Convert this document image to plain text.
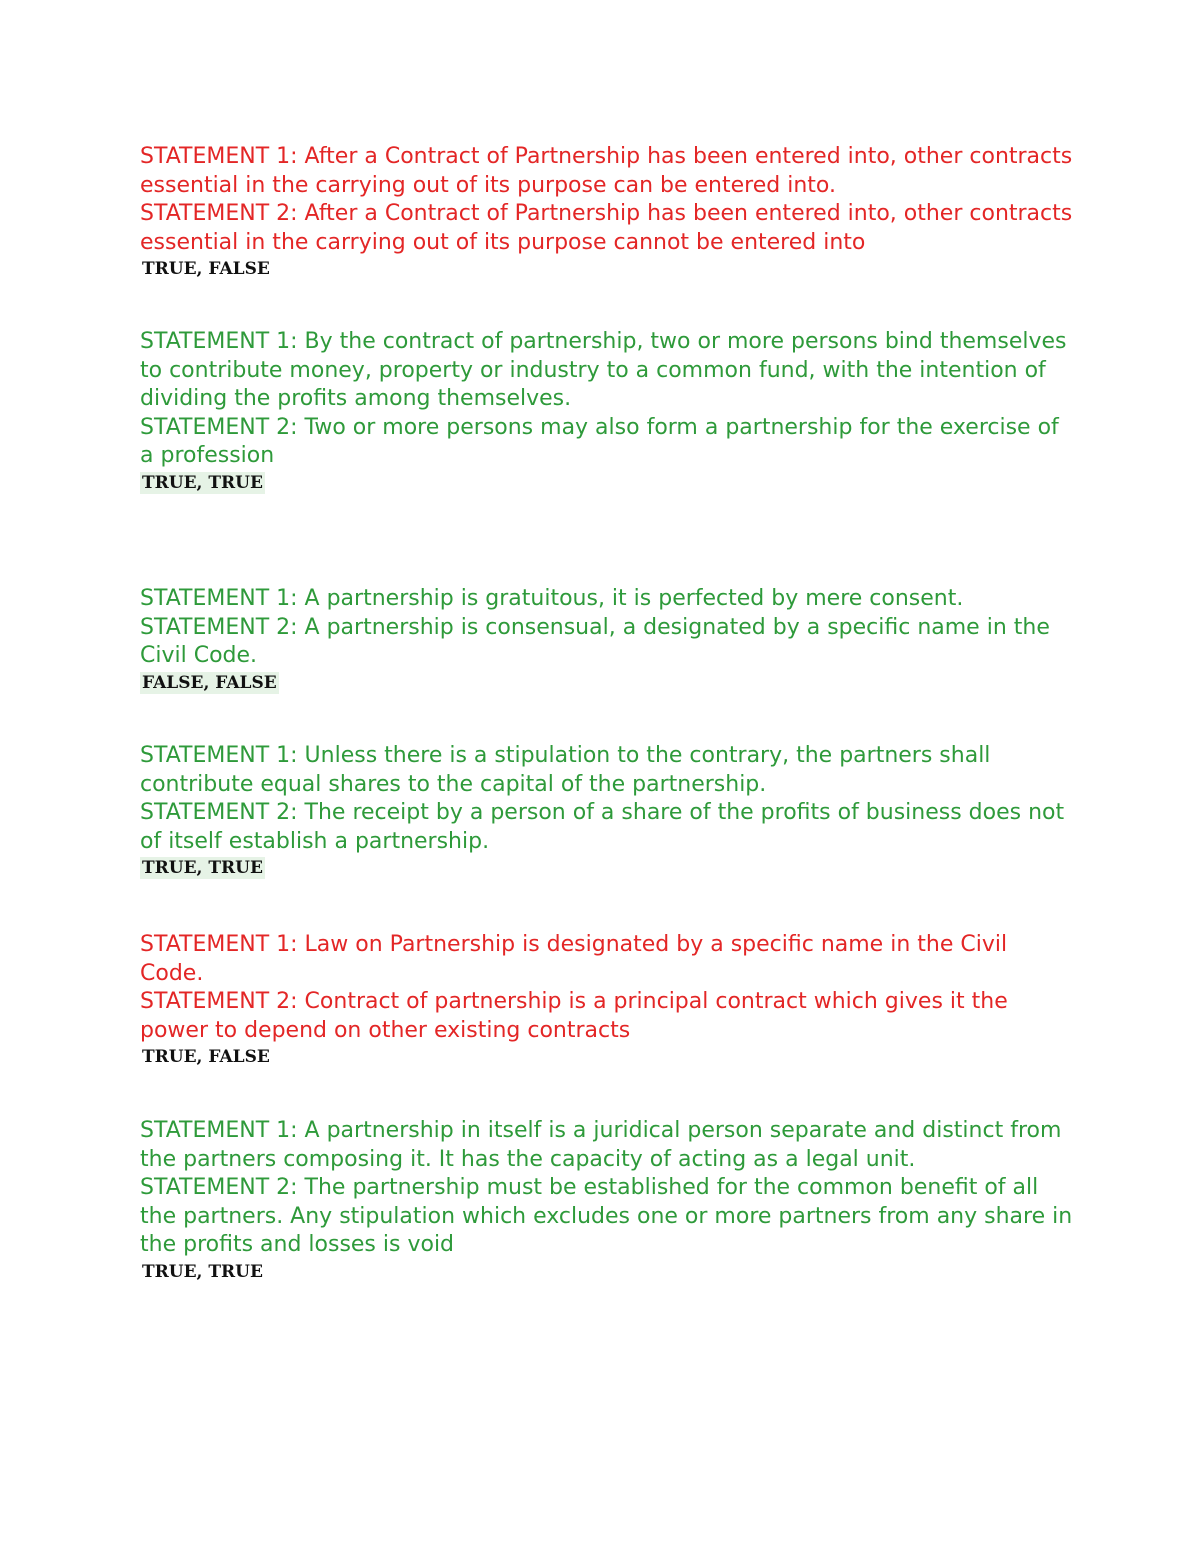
STATEMENT 1: After a Contract of Partnership has been entered into, other contracts essential in the carrying out of its purpose can be entered into.

STATEMENT 2: After a Contract of Partnership has been entered into, other contracts essential in the carrying out of its purpose cannot be entered into

TRUE, FALSE

STATEMENT 1: By the contract of partnership, two or more persons bind themselves to contribute money, property or industry to a common fund, with the intention of dividing the profits among themselves.

STATEMENT 2: Two or more persons may also form a partnership for the exercise of a profession

TRUE, TRUE

STATEMENT 1: A partnership is gratuitous, it is perfected by mere consent.

STATEMENT 2: A partnership is consensual, a designated by a specific name in the Civil Code.

FALSE, FALSE

STATEMENT 1: Unless there is a stipulation to the contrary, the partners shall contribute equal shares to the capital of the partnership.

STATEMENT 2: The receipt by a person of a share of the profits of business does not of itself establish a partnership.

TRUE, TRUE

STATEMENT 1: Law on Partnership is designated by a specific name in the Civil Code.

STATEMENT 2: Contract of partnership is a principal contract which gives it the power to depend on other existing contracts

TRUE, FALSE

STATEMENT 1: A partnership in itself is a juridical person separate and distinct from the partners composing it. It has the capacity of acting as a legal unit.

STATEMENT 2: The partnership must be established for the common benefit of all the partners. Any stipulation which excludes one or more partners from any share in the profits and losses is void

TRUE, TRUE
